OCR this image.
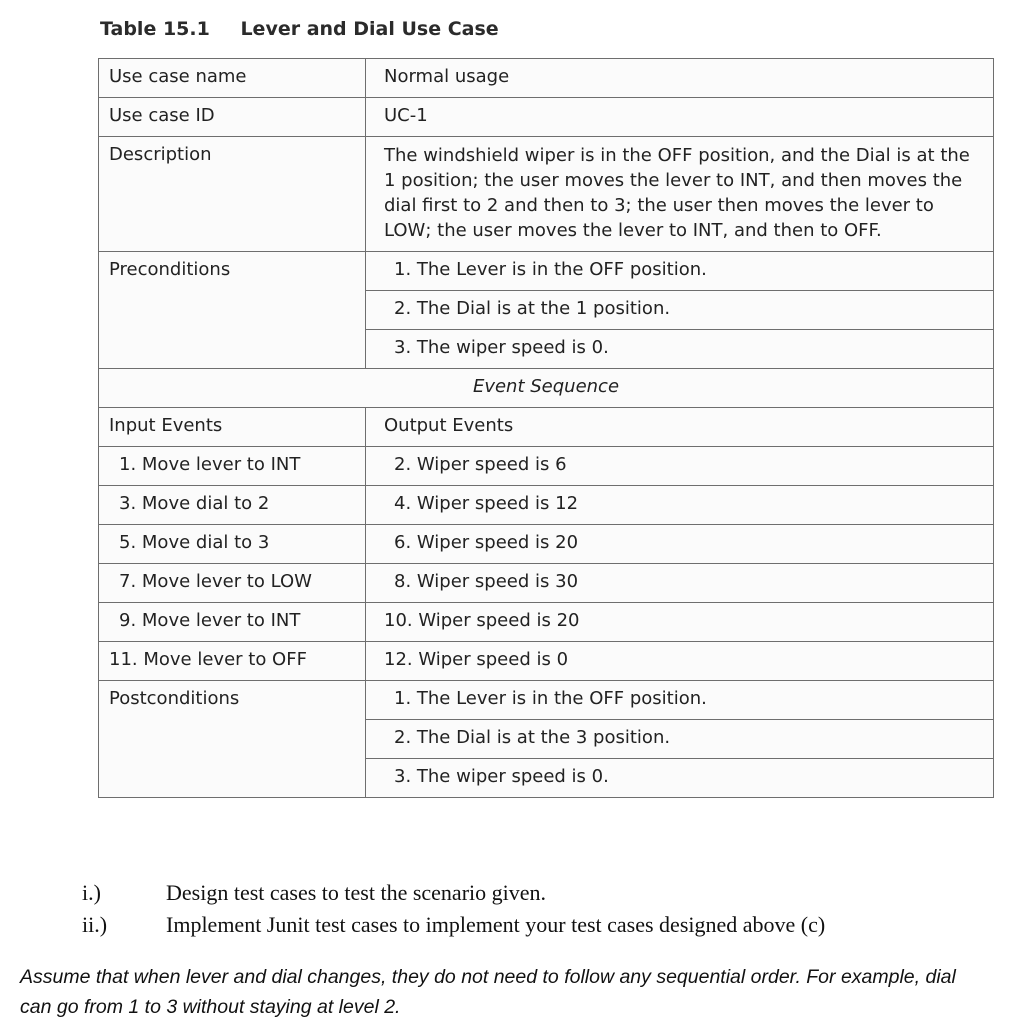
Table 15.1 Lever and Dial Use Case
Use case name	Normal usage
Use case ID	UC-1
Description	The windshield wiper is in the OFF position, and the Dial is at the 1 position; the user moves the lever to INT, and then moves the dial first to 2 and then to 3; the user then moves the lever to LOW; the user moves the lever to INT, and then to OFF.
Preconditions	1. The Lever is in the OFF position.
	2. The Dial is at the 1 position.
	3. The wiper speed is 0.
Event Sequence	
Input Events	Output Events
1. Move lever to INT	2. Wiper speed is 6
3. Move dial to 2	4. Wiper speed is 12
5. Move dial to 3	6. Wiper speed is 20
7. Move lever to LOW	8. Wiper speed is 30
9. Move lever to INT	10. Wiper speed is 20
11. Move lever to OFF	12. Wiper speed is 0
Postconditions	1. The Lever is in the OFF position.
	2. The Dial is at the 3 position.
	3. The wiper speed is 0.
i.)	Design test cases to test the scenario given.
ii.)	Implement Junit test cases to implement your test cases designed above (c)
Assume that when lever and dial changes, they do not need to follow any sequential order. For example, dial can go from 1 to 3 without staying at level 2.
